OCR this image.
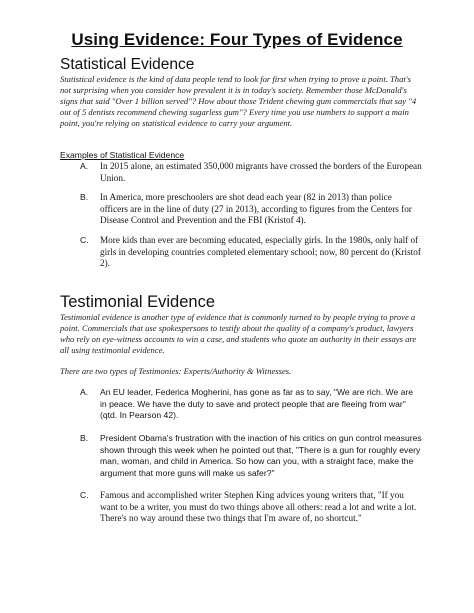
Using Evidence: Four Types of Evidence
Statistical Evidence
Statistical evidence is the kind of data people tend to look for first when trying to prove a point. That's not surprising when you consider how prevalent it is in today's society. Remember those McDonald's signs that said "Over 1 billion served"? How about those Trident chewing gum commercials that say "4 out of 5 dentists recommend chewing sugarless gum"? Every time you use numbers to support a main point, you're relying on statistical evidence to carry your argument.
Examples of Statistical Evidence
A. In 2015 alone, an estimated 350,000 migrants have crossed the borders of the European Union.
B. In America, more preschoolers are shot dead each year (82 in 2013) than police officers are in the line of duty (27 in 2013), according to figures from the Centers for Disease Control and Prevention and the FBI (Kristof 4).
C. More kids than ever are becoming educated, especially girls. In the 1980s, only half of girls in developing countries completed elementary school; now, 80 percent do (Kristof 2).
Testimonial Evidence
Testimonial evidence is another type of evidence that is commonly turned to by people trying to prove a point. Commercials that use spokespersons to testify about the quality of a company's product, lawyers who rely on eye-witness accounts to win a case, and students who quote an authority in their essays are all using testimonial evidence.
There are two types of Testimonies: Experts/Authority & Witnesses.
A. An EU leader, Federica Mogherini, has gone as far as to say, "We are rich. We are in peace. We have the duty to save and protect people that are fleeing from war" (qtd. In Pearson 42).
B. President Obama's frustration with the inaction of his critics on gun control measures shown through this week when he pointed out that, "There is a gun for roughly every man, woman, and child in America. So how can you, with a straight face, make the argument that more guns will make us safer?"
C. Famous and accomplished writer Stephen King advices young writers that, "If you want to be a writer, you must do two things above all others: read a lot and write a lot. There's no way around these two things that I'm aware of, no shortcut."
